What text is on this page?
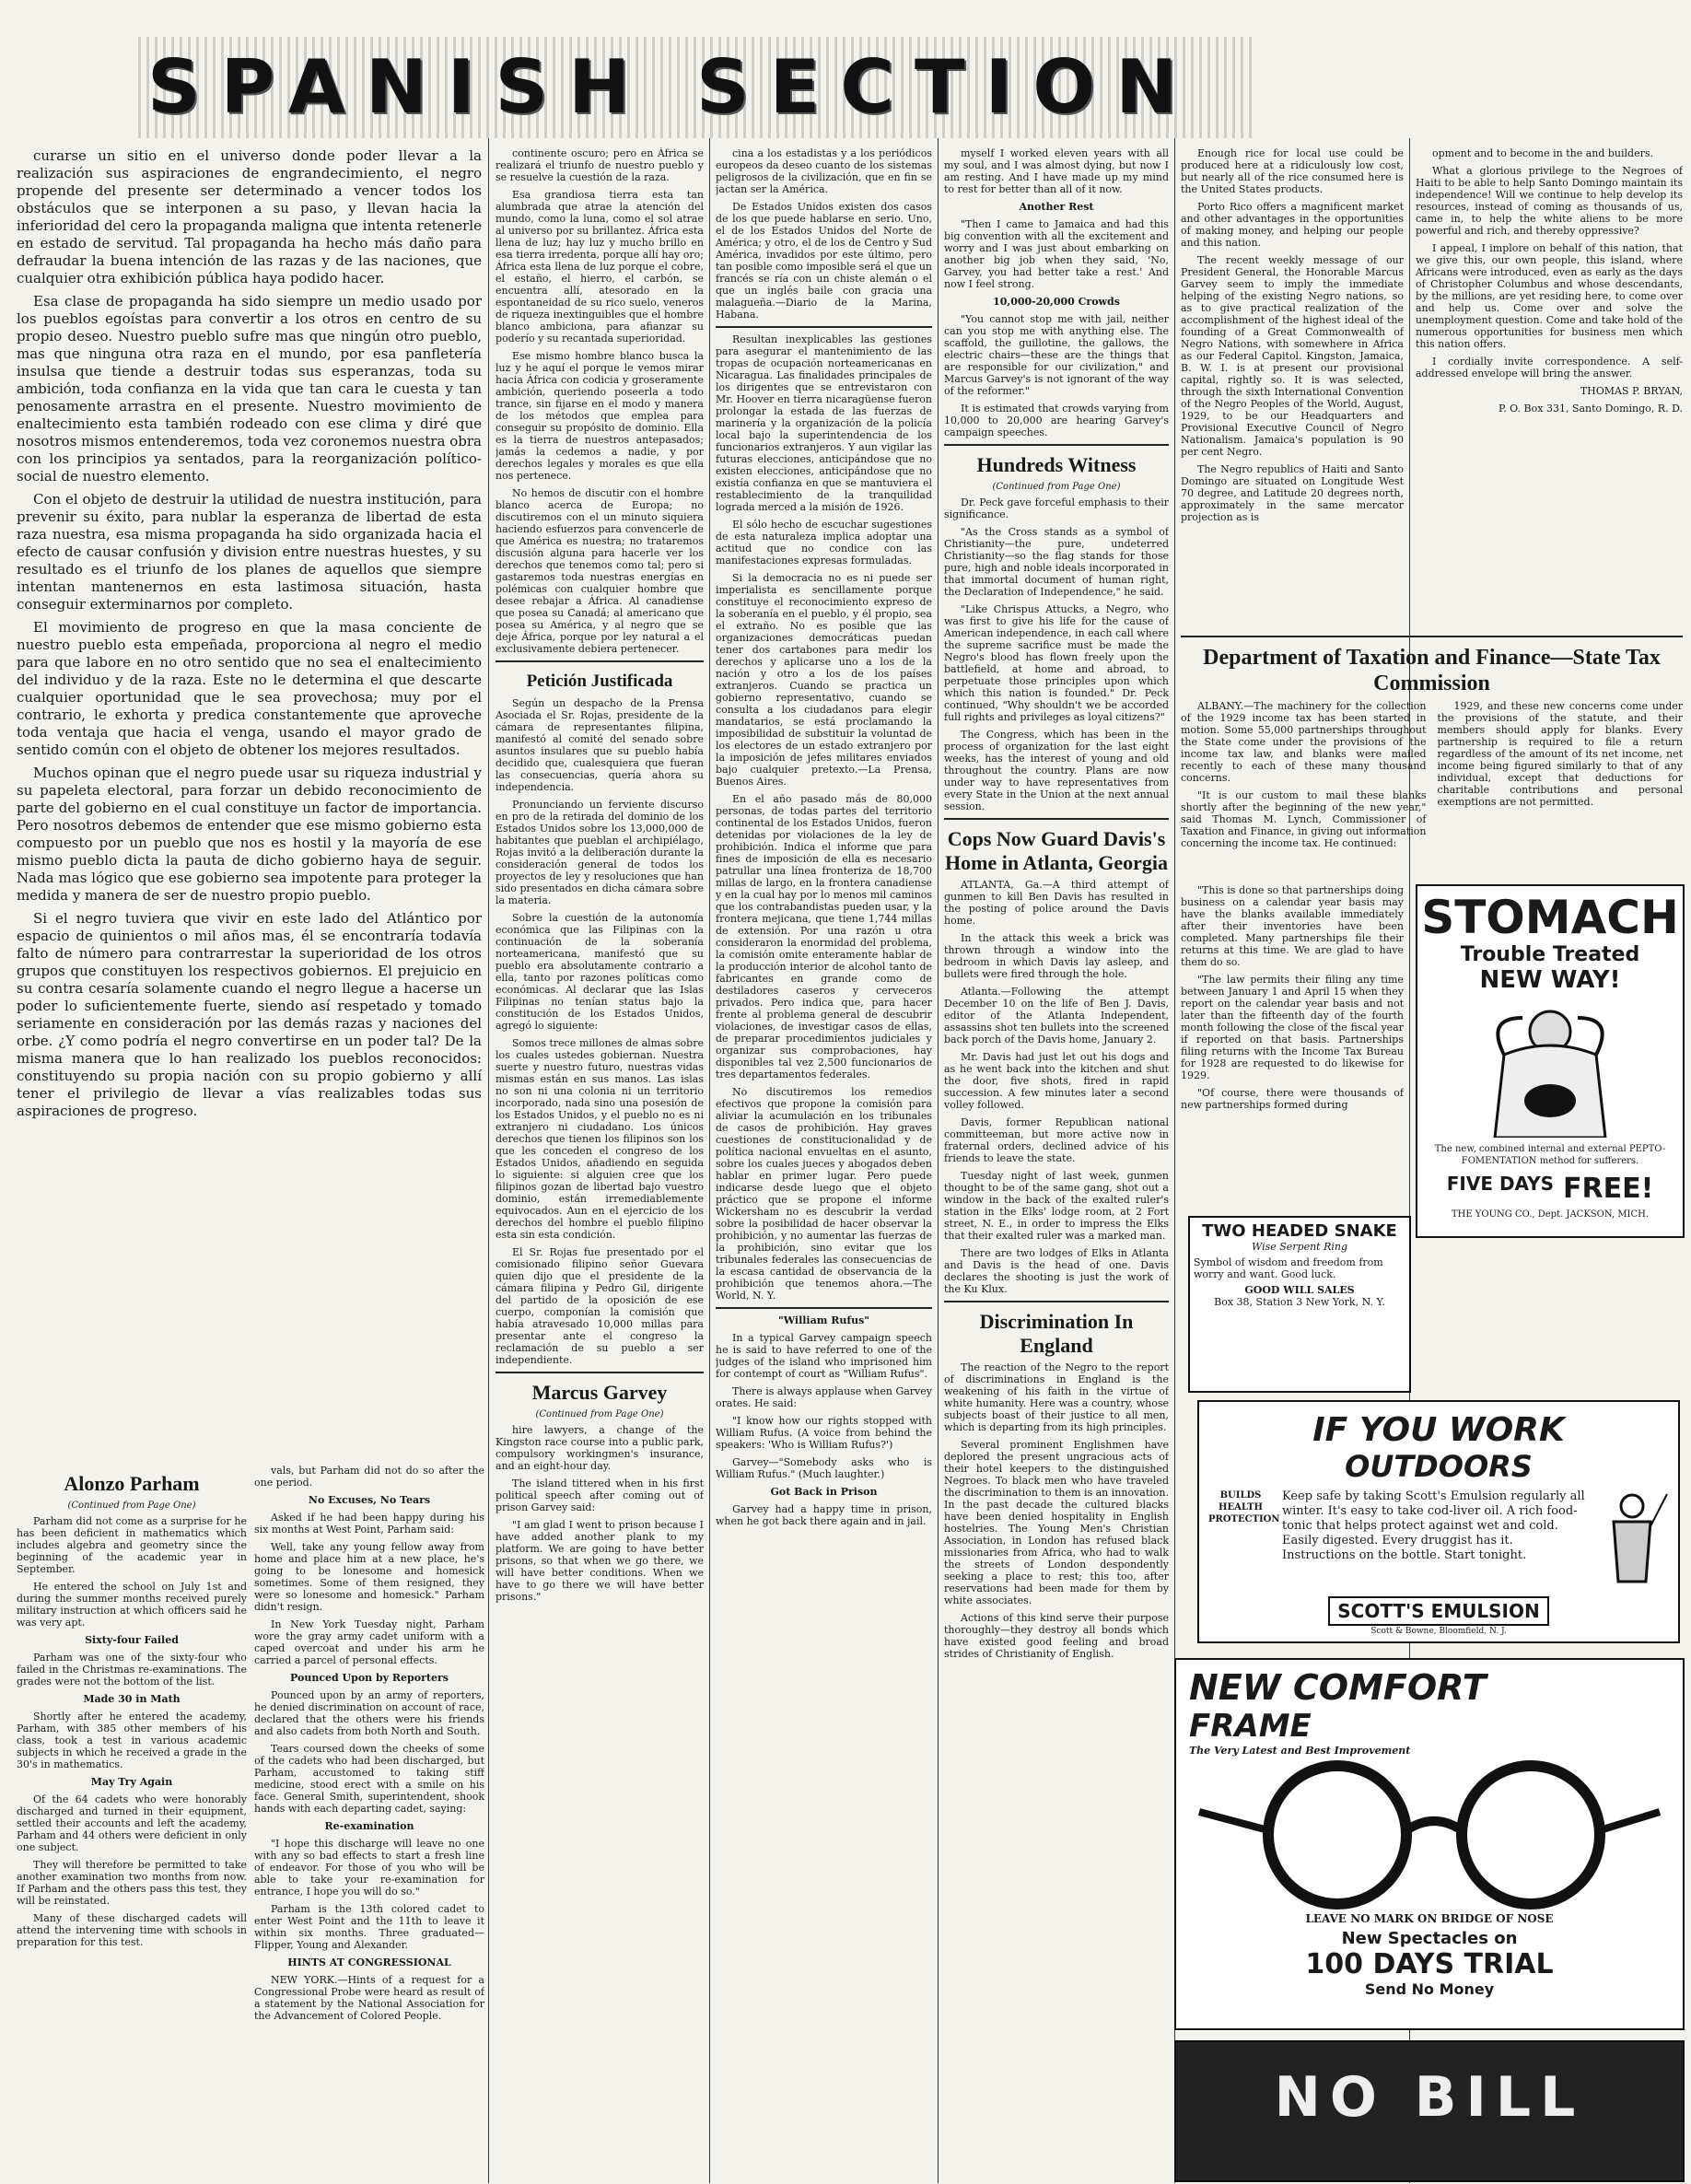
SPANISH SECTION

curarse un sitio en el universo donde poder llevar a la realización sus aspiraciones de engrandecimiento, el negro propende del presente ser determinado a vencer todos los obstáculos que se interponen a su paso, y llevan hacia la inferioridad del cero la propaganda maligna que intenta retenerle en estado de servitud. Tal propaganda ha hecho más daño para defraudar la buena intención de las razas y de las naciones, que cualquier otra exhibición pública haya podido hacer.

Esa clase de propaganda ha sido siempre un medio usado por los pueblos egoístas para convertir a los otros en centro de su propio deseo. Nuestro pueblo sufre mas que ningún otro pueblo, mas que ninguna otra raza en el mundo, por esa panfletería insulsa que tiende a destruir todas sus esperanzas, toda su ambición, toda confianza en la vida que tan cara le cuesta y tan penosamente arrastra en el presente. Nuestro movimiento de enaltecimiento esta también rodeado con ese clima y diré que nosotros mismos entenderemos, toda vez coronemos nuestra obra con los principios ya sentados, para la reorganización político-social de nuestro elemento.

Con el objeto de destruir la utilidad de nuestra institución, para prevenir su éxito, para nublar la esperanza de libertad de esta raza nuestra, esa misma propaganda ha sido organizada hacia el efecto de causar confusión y division entre nuestras huestes, y su resultado es el triunfo de los planes de aquellos que siempre intentan mantenernos en esta lastimosa situación, hasta conseguir exterminarnos por completo.

El movimiento de progreso en que la masa conciente de nuestro pueblo esta empeñada, proporciona al negro el medio para que labore en no otro sentido que no sea el enaltecimiento del individuo y de la raza. Este no le determina el que descarte cualquier oportunidad que le sea provechosa; muy por el contrario, le exhorta y predica constantemente que aproveche toda ventaja que hacia el venga, usando el mayor grado de sentido común con el objeto de obtener los mejores resultados.

Muchos opinan que el negro puede usar su riqueza industrial y su papeleta electoral, para forzar un debido reconocimiento de parte del gobierno en el cual constituye un factor de importancia. Pero nosotros debemos de entender que ese mismo gobierno esta compuesto por un pueblo que nos es hostil y la mayoría de ese mismo pueblo dicta la pauta de dicho gobierno haya de seguir. Nada mas lógico que ese gobierno sea impotente para proteger la medida y manera de ser de nuestro propio pueblo.

Si el negro tuviera que vivir en este lado del Atlántico por espacio de quinientos o mil años mas, él se encontraría todavía falto de número para contrarrestar la superioridad de los otros grupos que constituyen los respectivos gobiernos. El prejuicio en su contra cesaría solamente cuando el negro llegue a hacerse un poder lo suficientemente fuerte, siendo así respetado y tomado seriamente en consideración por las demás razas y naciones del orbe. ¿Y como podría el negro convertirse en un poder tal? De la misma manera que lo han realizado los pueblos reconocidos: constituyendo su propia nación con su propio gobierno y allí tener el privilegio de llevar a vías realizables todas sus aspiraciones de progreso.

Alonzo Parham
(Continued from Page One)

Parham did not come as a surprise for he has been deficient in mathematics which includes algebra and geometry since the beginning of the academic year in September.

He entered the school on July 1st and during the summer months received purely military instruction at which officers said he was very apt.

Sixty-four Failed

Parham was one of the sixty-four who failed in the Christmas re-examinations. The grades were not the bottom of the list.

Made 30 in Math

Shortly after he entered the academy, Parham, with 385 other members of his class, took a test in various academic subjects in which he received a grade in the 30's in mathematics.

May Try Again

Of the 64 cadets who were honorably discharged and turned in their equipment, settled their accounts and left the academy, Parham and 44 others were deficient in only one subject.

They will therefore be permitted to take another examination two months from now. If Parham and the others pass this test, they will be reinstated.

Many of these discharged cadets will attend the intervening time with schools in preparation for this test.

vals, but Parham did not do so after the one period.

No Excuses, No Tears

Asked if he had been happy during his six months at West Point, Parham said:

Well, take any young fellow away from home and place him at a new place, he's going to be lonesome and homesick sometimes. Some of them resigned, they were so lonesome and homesick." Parham didn't resign.

In New York Tuesday night, Parham wore the gray army cadet uniform with a caped overcoat and under his arm he carried a parcel of personal effects.

Pounced Upon by Reporters

Pounced upon by an army of reporters, he denied discrimination on account of race, declared that the others were his friends and also cadets from both North and South.

Tears coursed down the cheeks of some of the cadets who had been discharged, but Parham, accustomed to taking stiff medicine, stood erect with a smile on his face. General Smith, superintendent, shook hands with each departing cadet, saying:

Re-examination

"I hope this discharge will leave no one with any so bad effects to start a fresh line of endeavor. For those of you who will be able to take your re-examination for entrance, I hope you will do so."

Parham is the 13th colored cadet to enter West Point and the 11th to leave it within six months. Three graduated—Flipper, Young and Alexander.

HINTS AT CONGRESSIONAL

NEW YORK.—Hints of a request for a Congressional Probe were heard as result of a statement by the National Association for the Advancement of Colored People.

continente oscuro; pero en África se realizará el triunfo de nuestro pueblo y se resuelve la cuestión de la raza.

Esa grandiosa tierra esta tan alumbrada que atrae la atención del mundo, como la luna, como el sol atrae al universo por su brillantez. África esta llena de luz; hay luz y mucho brillo en esa tierra irredenta, porque allí hay oro; África esta llena de luz porque el cobre, el estaño, el hierro, el carbón, se encuentra allí, atesorado en la espontaneidad de su rico suelo, veneros de riqueza inextinguibles que el hombre blanco ambiciona, para afianzar su poderío y su recantada superioridad.

Ese mismo hombre blanco busca la luz y he aquí el porque le vemos mirar hacia África con codicia y groseramente ambición, queriendo poseerla a todo trance, sin fijarse en el modo y manera de los métodos que emplea para conseguir su propósito de dominio. Ella es la tierra de nuestros antepasados; jamás la cedemos a nadie, y por derechos legales y morales es que ella nos pertenece.

No hemos de discutir con el hombre blanco acerca de Europa; no discutiremos con el un minuto siquiera haciendo esfuerzos para convencerle de que América es nuestra; no trataremos discusión alguna para hacerle ver los derechos que tenemos como tal; pero si gastaremos toda nuestras energías en polémicas con cualquier hombre que desee rebajar a África. Al canadiense que posea su Canadá; al americano que posea su América, y al negro que se deje África, porque por ley natural a el exclusivamente debiera pertenecer.

Petición Justificada

Según un despacho de la Prensa Asociada el Sr. Rojas, presidente de la cámara de representantes filipina, manifestó al comité del senado sobre asuntos insulares que su pueblo había decidido que, cualesquiera que fueran las consecuencias, quería ahora su independencia.

Pronunciando un ferviente discurso en pro de la retirada del dominio de los Estados Unidos sobre los 13,000,000 de habitantes que pueblan el archipiélago, Rojas invitó a la deliberación durante la consideración general de todos los proyectos de ley y resoluciones que han sido presentados en dicha cámara sobre la materia.

Sobre la cuestión de la autonomía económica que las Filipinas con la continuación de la soberanía norteamericana, manifestó que su pueblo era absolutamente contrario a ella, tanto por razones políticas como económicas. Al declarar que las Islas Filipinas no tenían status bajo la constitución de los Estados Unidos, agregó lo siguiente:

Somos trece millones de almas sobre los cuales ustedes gobiernan. Nuestra suerte y nuestro futuro, nuestras vidas mismas están en sus manos. Las islas no son ni una colonia ni un territorio incorporado, nada sino una posesión de los Estados Unidos, y el pueblo no es ni extranjero ni ciudadano. Los únicos derechos que tienen los filipinos son los que les conceden el congreso de los Estados Unidos, añadiendo en seguida lo siguiente: si alguien cree que los filipinos gozan de libertad bajo vuestro dominio, están irremediablemente equivocados. Aun en el ejercicio de los derechos del hombre el pueblo filipino esta sin esta condición.

El Sr. Rojas fue presentado por el comisionado filipino señor Guevara quien dijo que el presidente de la cámara filipina y Pedro Gil, dirigente del partido de la oposición de ese cuerpo, componían la comisión que había atravesado 10,000 millas para presentar ante el congreso la reclamación de su pueblo a ser independiente.

Marcus Garvey
(Continued from Page One)

hire lawyers, a change of the Kingston race course into a public park, compulsory workingmen's insurance, and an eight-hour day.

The island tittered when in his first political speech after coming out of prison Garvey said:

"I am glad I went to prison because I have added another plank to my platform. We are going to have better prisons, so that when we go there, we will have better conditions. When we have to go there we will have better prisons."

cina a los estadistas y a los periódicos europeos da deseo cuanto de los sistemas peligrosos de la civilización, que en fin se jactan ser la América.

De Estados Unidos existen dos casos de los que puede hablarse en serio. Uno, el de los Estados Unidos del Norte de América; y otro, el de los de Centro y Sud América, invadidos por este último, pero tan posible como imposible será el que un francés se ría con un chiste alemán o el que un inglés baile con gracia una malagueña.—Diario de la Marina, Habana.

Resultan inexplicables las gestiones para asegurar el mantenimiento de las tropas de ocupación norteamericanas en Nicaragua. Las finalidades principales de los dirigentes que se entrevistaron con Mr. Hoover en tierra nicaragüense fueron prolongar la estada de las fuerzas de marinería y la organización de la policía local bajo la superintendencia de los funcionarios extranjeros. Y aun vigilar las futuras elecciones, anticipándose que no existen elecciones, anticipándose que no existía confianza en que se mantuviera el restablecimiento de la tranquilidad lograda merced a la misión de 1926.

El sólo hecho de escuchar sugestiones de esta naturaleza implica adoptar una actitud que no condice con las manifestaciones expresas formuladas.

Si la democracia no es ni puede ser imperialista es sencillamente porque constituye el reconocimiento expreso de la soberanía en el pueblo, y él propio, sea el extraño. No es posible que las organizaciones democráticas puedan tener dos cartabones para medir los derechos y aplicarse uno a los de la nación y otro a los de los países extranjeros. Cuando se practica un gobierno representativo, cuando se consulta a los ciudadanos para elegir mandatarios, se está proclamando la imposibilidad de substituir la voluntad de los electores de un estado extranjero por la imposición de jefes militares enviados bajo cualquier pretexto.—La Prensa, Buenos Aires.

En el año pasado más de 80,000 personas, de todas partes del territorio continental de los Estados Unidos, fueron detenidas por violaciones de la ley de prohibición. Indica el informe que para fines de imposición de ella es necesario patrullar una línea fronteriza de 18,700 millas de largo, en la frontera canadiense y en la cual hay por lo menos mil caminos que los contrabandistas pueden usar, y la frontera mejicana, que tiene 1,744 millas de extensión. Por una razón u otra consideraron la enormidad del problema, la comisión omite enteramente hablar de la producción interior de alcohol tanto de fabricantes en grande como de destiladores caseros y cerveceros privados. Pero indica que, para hacer frente al problema general de descubrir violaciones, de investigar casos de ellas, de preparar procedimientos judiciales y organizar sus comprobaciones, hay disponibles tal vez 2,500 funcionarios de tres departamentos federales.

No discutiremos los remedios efectivos que propone la comisión para aliviar la acumulación en los tribunales de casos de prohibición. Hay graves cuestiones de constitucionalidad y de política nacional envueltas en el asunto, sobre los cuales jueces y abogados deben hablar en primer lugar. Pero puede indicarse desde luego que el objeto práctico que se propone el informe Wickersham no es descubrir la verdad sobre la posibilidad de hacer observar la prohibición, y no aumentar las fuerzas de la prohibición, sino evitar que los tribunales federales las consecuencias de la escasa cantidad de observancia de la prohibición que tenemos ahora.—The World, N. Y.

"William Rufus"

In a typical Garvey campaign speech he is said to have referred to one of the judges of the island who imprisoned him for contempt of court as "William Rufus".

There is always applause when Garvey orates. He said:

"I know how our rights stopped with William Rufus. (A voice from behind the speakers: 'Who is William Rufus?')

Garvey—"Somebody asks who is William Rufus." (Much laughter.)

Got Back in Prison

Garvey had a happy time in prison, when he got back there again and in jail.

myself I worked eleven years with all my soul, and I was almost dying, but now I am resting. And I have made up my mind to rest for better than all of it now.

Another Rest

"Then I came to Jamaica and had this big convention with all the excitement and worry and I was just about embarking on another big job when they said, 'No, Garvey, you had better take a rest.' And now I feel strong.

10,000-20,000 Crowds

"You cannot stop me with jail, neither can you stop me with anything else. The scaffold, the guillotine, the gallows, the electric chairs—these are the things that are responsible for our civilization," and Marcus Garvey's is not ignorant of the way of the reformer."

It is estimated that crowds varying from 10,000 to 20,000 are hearing Garvey's campaign speeches.

Hundreds Witness
(Continued from Page One)

Dr. Peck gave forceful emphasis to their significance.

"As the Cross stands as a symbol of Christianity—the pure, undeterred Christianity—so the flag stands for those pure, high and noble ideals incorporated in that immortal document of human right, the Declaration of Independence," he said.

"Like Chrispus Attucks, a Negro, who was first to give his life for the cause of American independence, in each call where the supreme sacrifice must be made the Negro's blood has flown freely upon the battlefield, at home and abroad, to perpetuate those principles upon which which this nation is founded." Dr. Peck continued, "Why shouldn't we be accorded full rights and privileges as loyal citizens?"

The Congress, which has been in the process of organization for the last eight weeks, has the interest of young and old throughout the country. Plans are now under way to have representatives from every State in the Union at the next annual session.

Cops Now Guard Davis's Home in Atlanta, Georgia

ATLANTA, Ga.—A third attempt of gunmen to kill Ben Davis has resulted in the posting of police around the Davis home.

In the attack this week a brick was thrown through a window into the bedroom in which Davis lay asleep, and bullets were fired through the hole.

Atlanta.—Following the attempt December 10 on the life of Ben J. Davis, editor of the Atlanta Independent, assassins shot ten bullets into the screened back porch of the Davis home, January 2.

Mr. Davis had just let out his dogs and as he went back into the kitchen and shut the door, five shots, fired in rapid succession. A few minutes later a second volley followed.

Davis, former Republican national committeeman, but more active now in fraternal orders, declined advice of his friends to leave the state.

Tuesday night of last week, gunmen thought to be of the same gang, shot out a window in the back of the exalted ruler's station in the Elks' lodge room, at 2 Fort street, N. E., in order to impress the Elks that their exalted ruler was a marked man.

There are two lodges of Elks in Atlanta and Davis is the head of one. Davis declares the shooting is just the work of the Ku Klux.

Discrimination In England

The reaction of the Negro to the report of discriminations in England is the weakening of his faith in the virtue of white humanity. Here was a country, whose subjects boast of their justice to all men, which is departing from its high principles.

Several prominent Englishmen have deplored the present ungracious acts of their hotel keepers to the distinguished Negroes. To black men who have traveled the discrimination to them is an innovation. In the past decade the cultured blacks have been denied hospitality in English hostelries. The Young Men's Christian Association, in London has refused black missionaries from Africa, who had to walk the streets of London despondently seeking a place to rest; this too, after reservations had been made for them by white associates.

Actions of this kind serve their purpose thoroughly—they destroy all bonds which have existed good feeling and broad strides of Christianity of English.

Enough rice for local use could be produced here at a ridiculously low cost, but nearly all of the rice consumed here is the United States products.

Porto Rico offers a magnificent market and other advantages in the opportunities of making money, and helping our people and this nation.

The recent weekly message of our President General, the Honorable Marcus Garvey seem to imply the immediate helping of the existing Negro nations, so as to give practical realization of the accomplishment of the highest ideal of the founding of a Great Commonwealth of Negro Nations, with somewhere in Africa as our Federal Capitol. Kingston, Jamaica, B. W. I. is at present our provisional capital, rightly so. It is was selected, through the sixth International Convention of the Negro Peoples of the World, August, 1929, to be our Headquarters and Provisional Executive Council of Negro Nationalism. Jamaica's population is 90 per cent Negro.

The Negro republics of Haiti and Santo Domingo are situated on Longitude West 70 degree, and Latitude 20 degrees north, approximately in the same mercator projection as is

opment and to become in the and builders.

What a glorious privilege to the Negroes of Haiti to be able to help Santo Domingo maintain its independence! Will we continue to help develop its resources, instead of coming as thousands of us, came in, to help the white aliens to be more powerful and rich, and thereby oppressive?

I appeal, I implore on behalf of this nation, that we give this, our own people, this island, where Africans were introduced, even as early as the days of Christopher Columbus and whose descendants, by the millions, are yet residing here, to come over and help us. Come over and solve the unemployment question. Come and take hold of the numerous opportunities for business men which this nation offers.

I cordially invite correspondence. A self-addressed envelope will bring the answer.

THOMAS P. BRYAN,

P. O. Box 331, Santo Domingo, R. D.

Department of Taxation and Finance—State Tax Commission

ALBANY.—The machinery for the collection of the 1929 income tax has been started in motion. Some 55,000 partnerships throughout the State come under the provisions of the income tax law, and blanks were mailed recently to each of these many thousand concerns.

"It is our custom to mail these blanks shortly after the beginning of the new year," said Thomas M. Lynch, Commissioner of Taxation and Finance, in giving out information concerning the income tax. He continued:

1929, and these new concerns come under the provisions of the statute, and their members should apply for blanks. Every partnership is required to file a return regardless of the amount of its net income, net income being figured similarly to that of any individual, except that deductions for charitable contributions and personal exemptions are not permitted.

"This is done so that partnerships doing business on a calendar year basis may have the blanks available immediately after their inventories have been completed. Many partnerships file their returns at this time. We are glad to have them do so.

"The law permits their filing any time between January 1 and April 15 when they report on the calendar year basis and not later than the fifteenth day of the fourth month following the close of the fiscal year if reported on that basis. Partnerships filing returns with the Income Tax Bureau for 1928 are requested to do likewise for 1929.

"Of course, there were thousands of new partnerships formed during

STOMACH
Trouble Treated
NEW WAY!
The new, combined internal and external PEPTO-FOMENTATION method for sufferers.
FIVE DAYS FREE!
THE YOUNG CO., Dept. JACKSON, MICH.
TWO HEADED SNAKE
Wise Serpent Ring
Symbol of wisdom and freedom from worry and want. Good luck.
GOOD WILL SALES
Box 38, Station 3 New York, N. Y.
IF YOU WORK
OUTDOORS
BUILDS HEALTH PROTECTION
Keep safe by taking Scott's Emulsion regularly all winter. It's easy to take cod-liver oil. A rich food-tonic that helps protect against wet and cold. Easily digested. Every druggist has it. Instructions on the bottle. Start tonight.
SCOTT'S EMULSION
Scott & Bowne, Bloomfield, N. J.
NEW COMFORT
FRAME
The Very Latest and Best Improvement
LEAVE NO MARK ON BRIDGE OF NOSE
New Spectacles on
100 DAYS TRIAL
Send No Money
NO BILL
